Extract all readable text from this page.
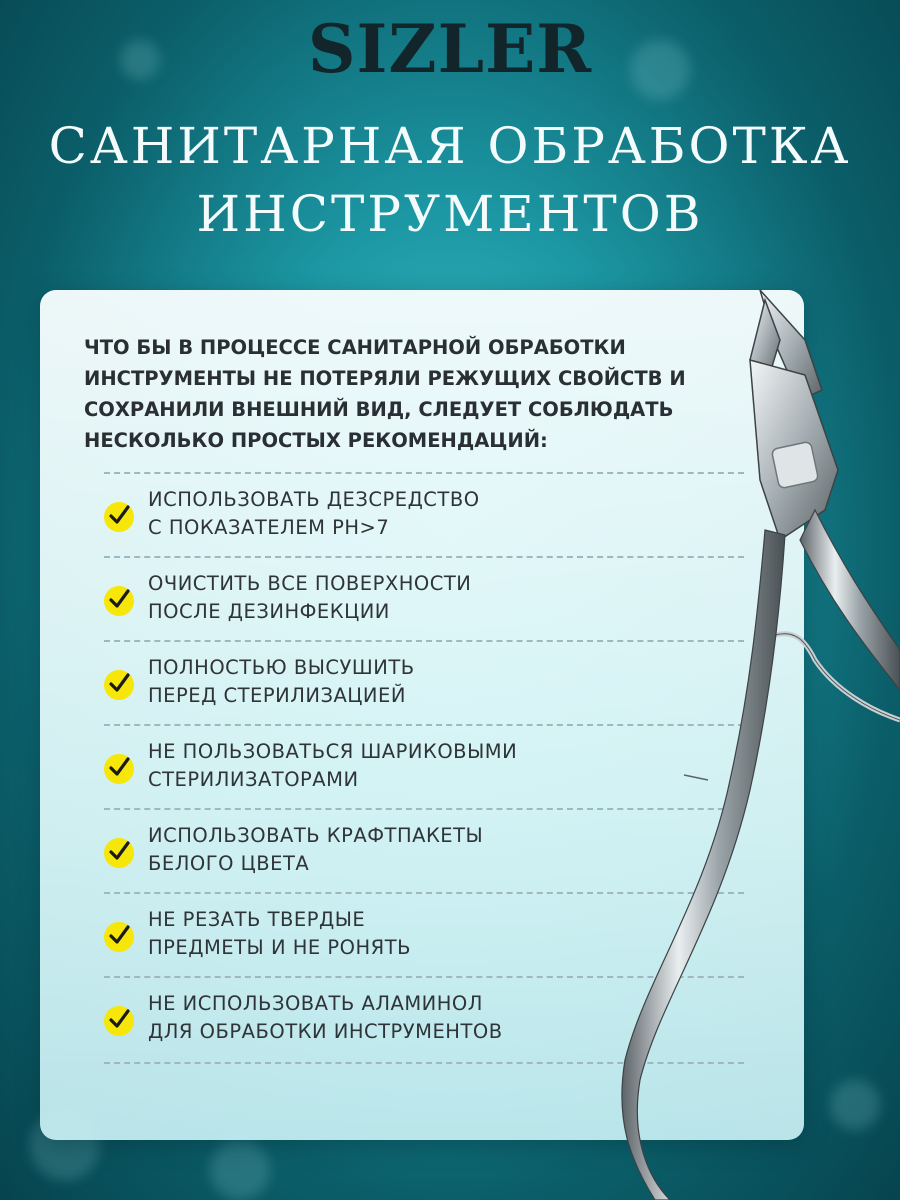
SIZLER
САНИТАРНАЯ ОБРАБОТКА
ИНСТРУМЕНТОВ
ЧТО БЫ В ПРОЦЕССЕ САНИТАРНОЙ ОБРАБОТКИ ИНСТРУМЕНТЫ НЕ ПОТЕРЯЛИ РЕЖУЩИХ СВОЙСТВ И СОХРАНИЛИ ВНЕШНИЙ ВИД, СЛЕДУЕТ СОБЛЮДАТЬ НЕСКОЛЬКО ПРОСТЫХ РЕКОМЕНДАЦИЙ:
ИСПОЛЬЗОВАТЬ ДЕЗСРЕДСТВО
С ПОКАЗАТЕЛЕМ PH>7
ОЧИСТИТЬ ВСЕ ПОВЕРХНОСТИ
ПОСЛЕ ДЕЗИНФЕКЦИИ
ПОЛНОСТЬЮ ВЫСУШИТЬ
ПЕРЕД СТЕРИЛИЗАЦИЕЙ
НЕ ПОЛЬЗОВАТЬСЯ ШАРИКОВЫМИ
СТЕРИЛИЗАТОРАМИ
ИСПОЛЬЗОВАТЬ КРАФТПАКЕТЫ
БЕЛОГО ЦВЕТА
НЕ РЕЗАТЬ ТВЕРДЫЕ
ПРЕДМЕТЫ И НЕ РОНЯТЬ
НЕ ИСПОЛЬЗОВАТЬ АЛАМИНОЛ
ДЛЯ ОБРАБОТКИ ИНСТРУМЕНТОВ
